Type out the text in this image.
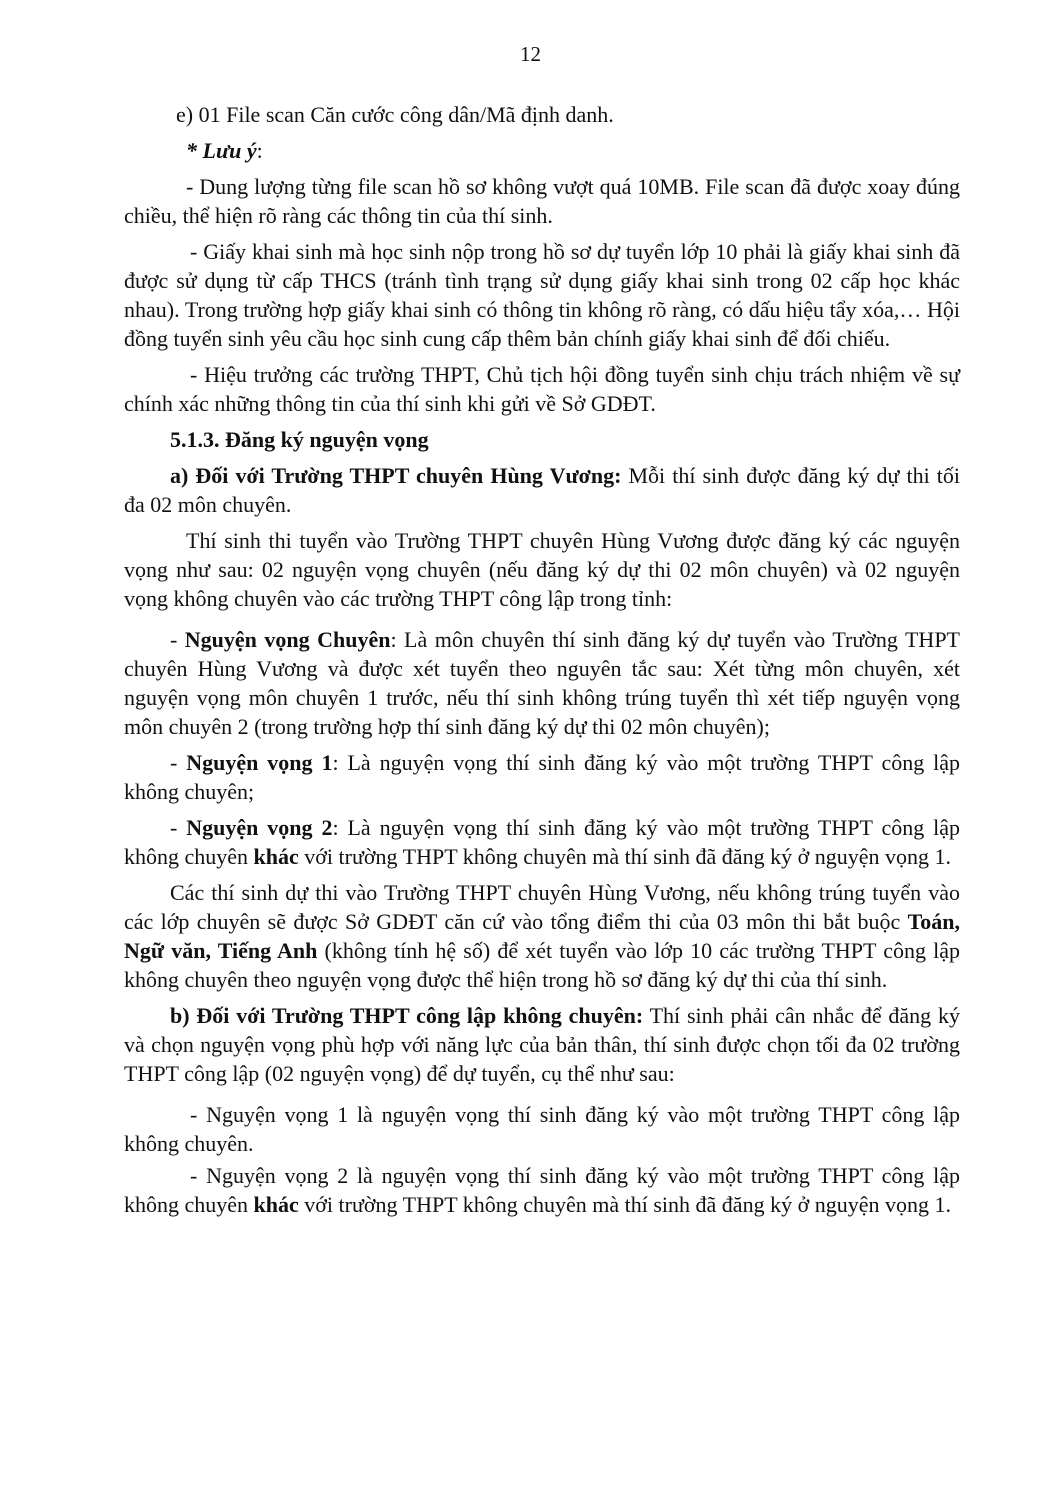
12

e) 01 File scan Căn cước công dân/Mã định danh.

* Lưu ý:

- Dung lượng từng file scan hồ sơ không vượt quá 10MB. File scan đã được xoay đúng chiều, thể hiện rõ ràng các thông tin của thí sinh.

- Giấy khai sinh mà học sinh nộp trong hồ sơ dự tuyển lớp 10 phải là giấy khai sinh đã được sử dụng từ cấp THCS (tránh tình trạng sử dụng giấy khai sinh trong 02 cấp học khác nhau). Trong trường hợp giấy khai sinh có thông tin không rõ ràng, có dấu hiệu tẩy xóa,… Hội đồng tuyển sinh yêu cầu học sinh cung cấp thêm bản chính giấy khai sinh để đối chiếu.

- Hiệu trưởng các trường THPT, Chủ tịch hội đồng tuyển sinh chịu trách nhiệm về sự chính xác những thông tin của thí sinh khi gửi về Sở GDĐT.

5.1.3. Đăng ký nguyện vọng

a) Đối với Trường THPT chuyên Hùng Vương: Mỗi thí sinh được đăng ký dự thi tối đa 02 môn chuyên.

Thí sinh thi tuyển vào Trường THPT chuyên Hùng Vương được đăng ký các nguyện vọng như sau: 02 nguyện vọng chuyên (nếu đăng ký dự thi 02 môn chuyên) và 02 nguyện vọng không chuyên vào các trường THPT công lập trong tỉnh:

- Nguyện vọng Chuyên: Là môn chuyên thí sinh đăng ký dự tuyển vào Trường THPT chuyên Hùng Vương và được xét tuyển theo nguyên tắc sau: Xét từng môn chuyên, xét nguyện vọng môn chuyên 1 trước, nếu thí sinh không trúng tuyển thì xét tiếp nguyện vọng môn chuyên 2 (trong trường hợp thí sinh đăng ký dự thi 02 môn chuyên);

- Nguyện vọng 1: Là nguyện vọng thí sinh đăng ký vào một trường THPT công lập không chuyên;

- Nguyện vọng 2: Là nguyện vọng thí sinh đăng ký vào một trường THPT công lập không chuyên khác với trường THPT không chuyên mà thí sinh đã đăng ký ở nguyện vọng 1.

Các thí sinh dự thi vào Trường THPT chuyên Hùng Vương, nếu không trúng tuyển vào các lớp chuyên sẽ được Sở GDĐT căn cứ vào tổng điểm thi của 03 môn thi bắt buộc Toán, Ngữ văn, Tiếng Anh (không tính hệ số) để xét tuyển vào lớp 10 các trường THPT công lập không chuyên theo nguyện vọng được thể hiện trong hồ sơ đăng ký dự thi của thí sinh.

b) Đối với Trường THPT công lập không chuyên: Thí sinh phải cân nhắc để đăng ký và chọn nguyện vọng phù hợp với năng lực của bản thân, thí sinh được chọn tối đa 02 trường THPT công lập (02 nguyện vọng) để dự tuyển, cụ thể như sau:

- Nguyện vọng 1 là nguyện vọng thí sinh đăng ký vào một trường THPT công lập không chuyên.

- Nguyện vọng 2 là nguyện vọng thí sinh đăng ký vào một trường THPT công lập không chuyên khác với trường THPT không chuyên mà thí sinh đã đăng ký ở nguyện vọng 1.
